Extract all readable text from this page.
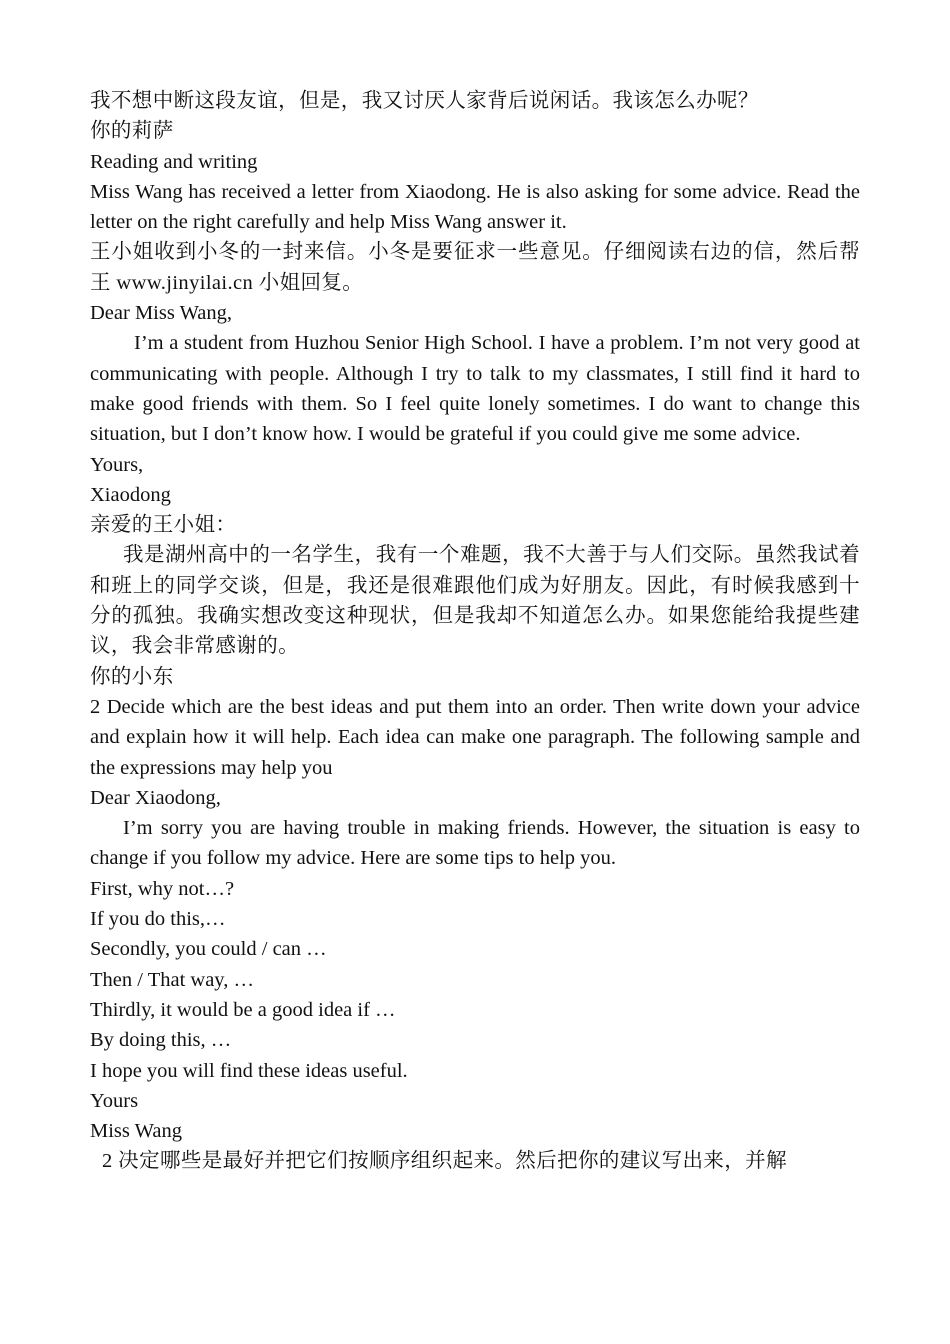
我不想中断这段友谊，但是，我又讨厌人家背后说闲话。我该怎么办呢？

你的莉萨

Reading and writing

Miss Wang has received a letter from Xiaodong. He is also asking for some advice. Read the letter on the right carefully and help Miss Wang answer it.

王小姐收到小冬的一封来信。小冬是要征求一些意见。仔细阅读右边的信，然后帮王 www.jinyilai.cn 小姐回复。

Dear Miss Wang,

I’m a student from Huzhou Senior High School. I have a problem. I’m not very good at communicating with people. Although I try to talk to my classmates, I still find it hard to make good friends with them. So I feel quite lonely sometimes. I do want to change this situation, but I don’t know how. I would be grateful if you could give me some advice.

Yours,

Xiaodong

亲爱的王小姐：

我是湖州高中的一名学生，我有一个难题，我不大善于与人们交际。虽然我试着和班上的同学交谈，但是，我还是很难跟他们成为好朋友。因此，有时候我感到十分的孤独。我确实想改变这种现状，但是我却不知道怎么办。如果您能给我提些建议，我会非常感谢的。

你的小东

2 Decide which are the best ideas and put them into an order. Then write down your advice and explain how it will help. Each idea can make one paragraph. The following sample and the expressions may help you

Dear Xiaodong,

I’m sorry you are having trouble in making friends. However, the situation is easy to change if you follow my advice. Here are some tips to help you.

First, why not…?

If you do this,…

Secondly, you could / can …

Then / That way, …

Thirdly, it would be a good idea if …

By doing this, …

I hope you will find these ideas useful.

Yours

Miss Wang

2 决定哪些是最好并把它们按顺序组织起来。然后把你的建议写出来，并解
